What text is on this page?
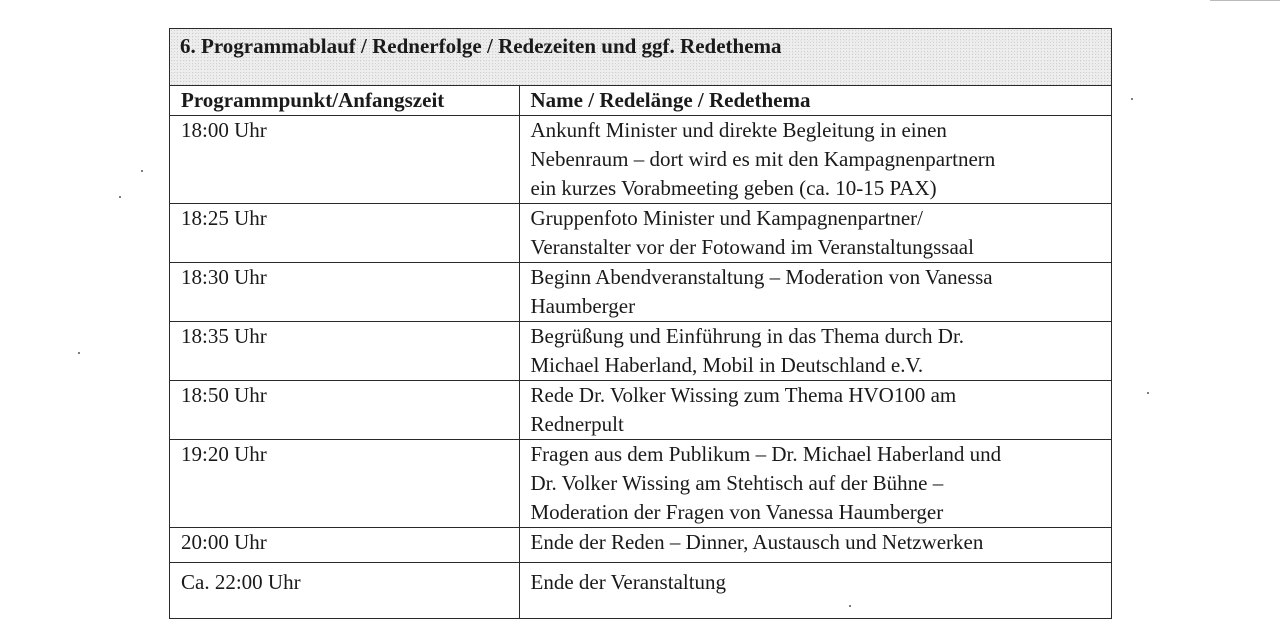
6. Programmablauf / Rednerfolge / Redezeiten und ggf. Redethema
Programmpunkt/Anfangszeit	Name / Redelänge / Redethema
18:00 Uhr	Ankunft Minister und direkte Begleitung in einen
Nebenraum – dort wird es mit den Kampagnenpartnern
ein kurzes Vorabmeeting geben (ca. 10-15 PAX)

18:25 Uhr	Gruppenfoto Minister und Kampagnenpartner/
Veranstalter vor der Fotowand im Veranstaltungssaal

18:30 Uhr	Beginn Abendveranstaltung – Moderation von Vanessa
Haumberger

18:35 Uhr	Begrüßung und Einführung in das Thema durch Dr.
Michael Haberland, Mobil in Deutschland e.V.

18:50 Uhr	Rede Dr. Volker Wissing zum Thema HVO100 am
Rednerpult

19:20 Uhr	Fragen aus dem Publikum – Dr. Michael Haberland und
Dr. Volker Wissing am Stehtisch auf der Bühne –
Moderation der Fragen von Vanessa Haumberger

20:00 Uhr	Ende der Reden – Dinner, Austausch und Netzwerken

Ca. 22:00 Uhr	Ende der Veranstaltung
